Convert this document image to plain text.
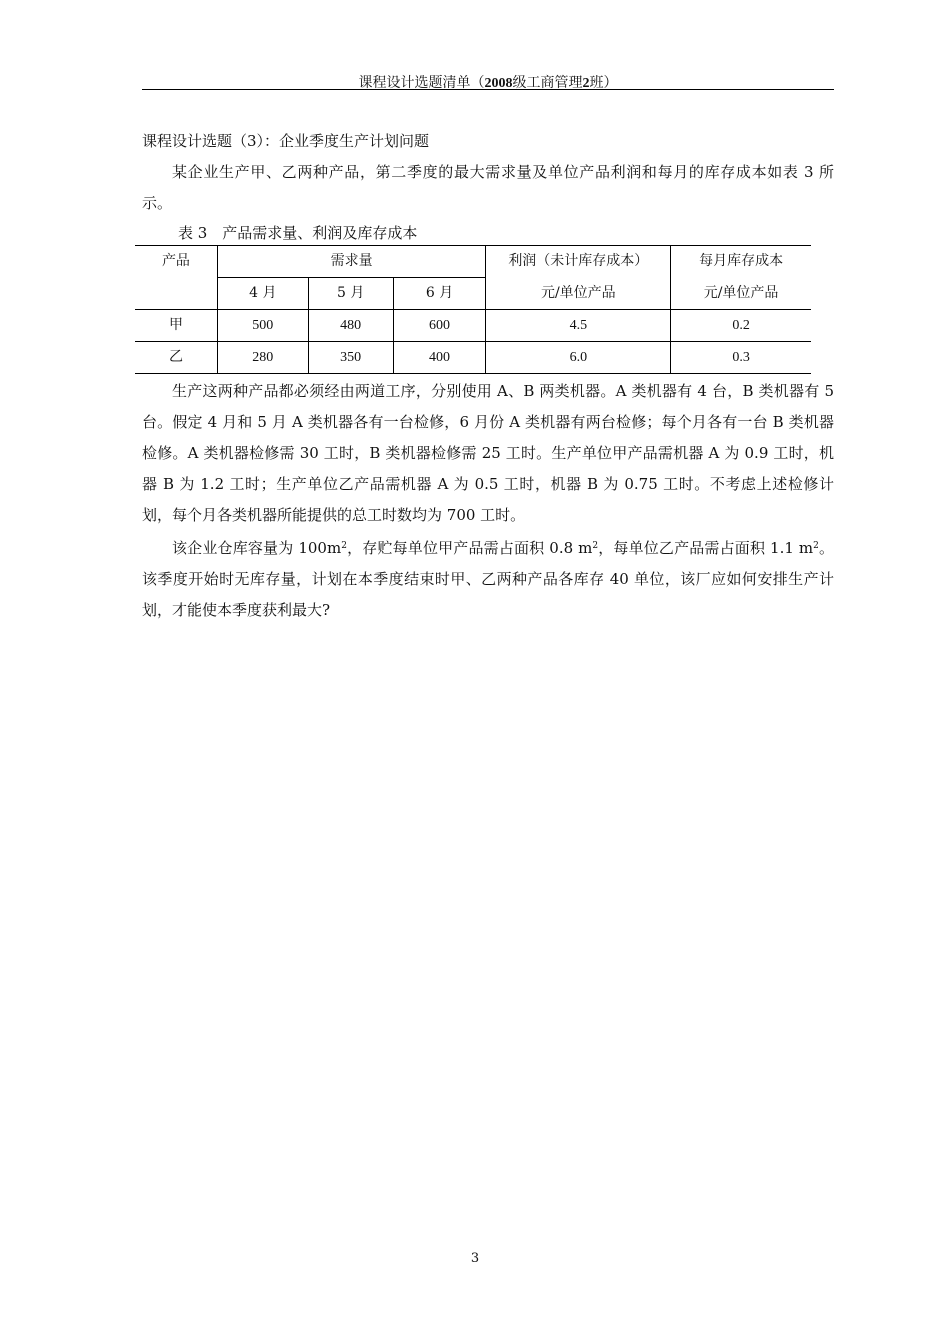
课程设计选题清单（2008级工商管理2班）

课程设计选题（3）：企业季度生产计划问题

某企业生产甲、乙两种产品，第二季度的最大需求量及单位产品利润和每月的库存成本如表 3 所示。

表 3　产品需求量、利润及库存成本

产品	需求量			利润（未计库存成本）	每月库存成本
	4 月	5 月	6 月	元/单位产品	元/单位产品
甲	500	480	600	4.5	0.2
乙	280	350	400	6.0	0.3

生产这两种产品都必须经由两道工序，分别使用 A、B 两类机器。A 类机器有 4 台，B 类机器有 5 台。假定 4 月和 5 月 A 类机器各有一台检修，6 月份 A 类机器有两台检修；每个月各有一台 B 类机器检修。A 类机器检修需 30 工时，B 类机器检修需 25 工时。生产单位甲产品需机器 A 为 0.9 工时，机器 B 为 1.2 工时；生产单位乙产品需机器 A 为 0.5 工时，机器 B 为 0.75 工时。不考虑上述检修计划，每个月各类机器所能提供的总工时数均为 700 工时。

该企业仓库容量为 $100m^2$，存贮每单位甲产品需占面积 0.8 $m^2$，每单位乙产品需占面积 1.1 $m^2$。该季度开始时无库存量，计划在本季度结束时甲、乙两种产品各库存 40 单位，该厂应如何安排生产计划，才能使本季度获利最大?

3
